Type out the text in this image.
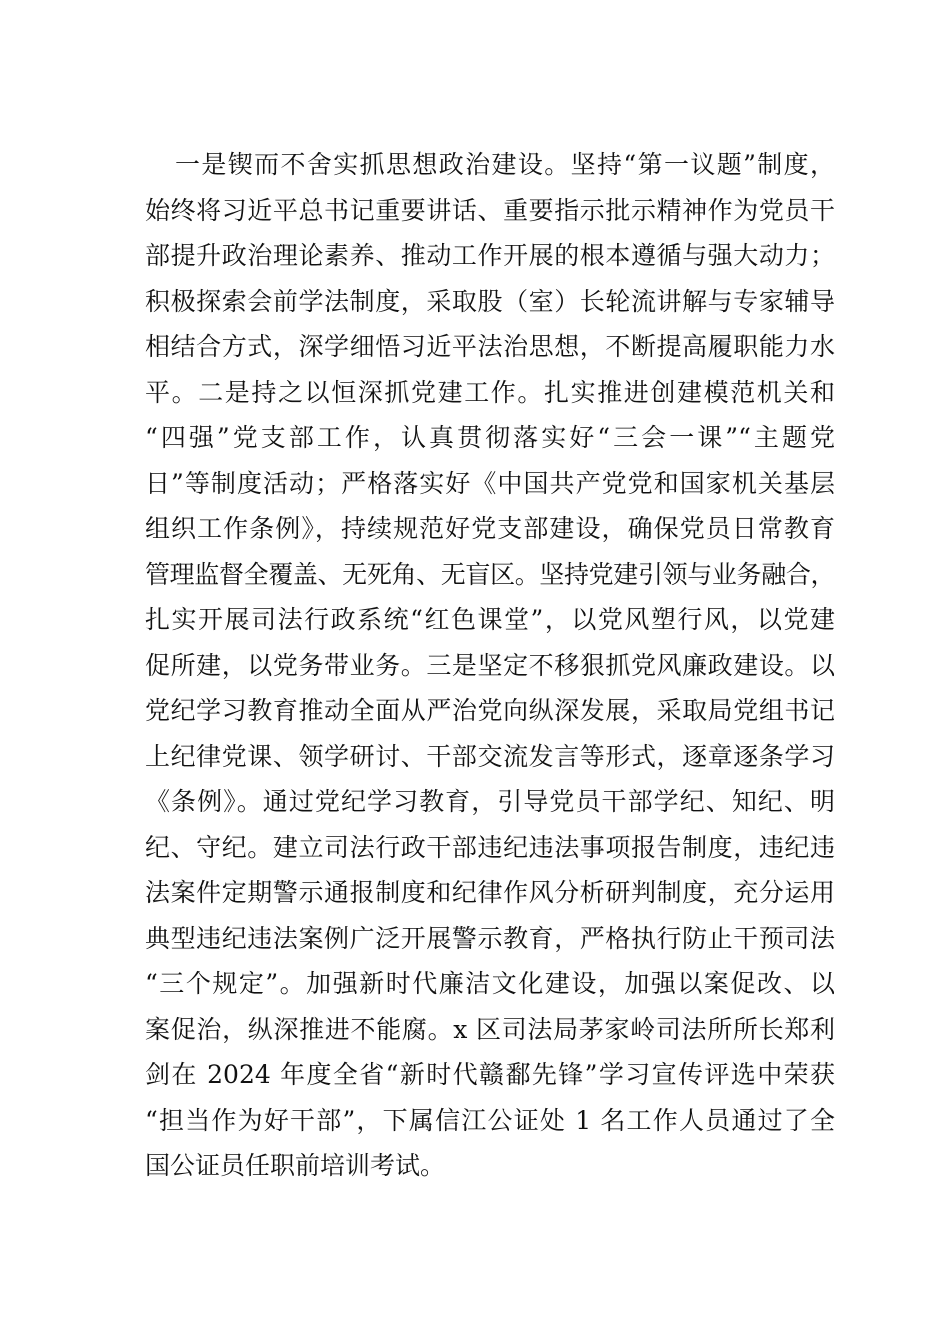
一是锲而不舍实抓思想政治建设。坚持“第一议题”制度，
始终将习近平总书记重要讲话、重要指示批示精神作为党员干
部提升政治理论素养、推动工作开展的根本遵循与强大动力；
积极探索会前学法制度，采取股（室）长轮流讲解与专家辅导
相结合方式，深学细悟习近平法治思想，不断提高履职能力水
平。二是持之以恒深抓党建工作。扎实推进创建模范机关和
“四强”党支部工作，认真贯彻落实好“三会一课”“主题党
日”等制度活动；严格落实好《中国共产党党和国家机关基层
组织工作条例》，持续规范好党支部建设，确保党员日常教育
管理监督全覆盖、无死角、无盲区。坚持党建引领与业务融合，
扎实开展司法行政系统“红色课堂”，以党风塑行风，以党建
促所建，以党务带业务。三是坚定不移狠抓党风廉政建设。以
党纪学习教育推动全面从严治党向纵深发展，采取局党组书记
上纪律党课、领学研讨、干部交流发言等形式，逐章逐条学习
《条例》。通过党纪学习教育，引导党员干部学纪、知纪、明
纪、守纪。建立司法行政干部违纪违法事项报告制度，违纪违
法案件定期警示通报制度和纪律作风分析研判制度，充分运用
典型违纪违法案例广泛开展警示教育，严格执行防止干预司法
“三个规定”。加强新时代廉洁文化建设，加强以案促改、以
案促治，纵深推进不能腐。x 区司法局茅家岭司法所所长郑利
剑在 2024 年度全省“新时代赣鄱先锋”学习宣传评选中荣获
“担当作为好干部”，下属信江公证处 1 名工作人员通过了全
国公证员任职前培训考试。
